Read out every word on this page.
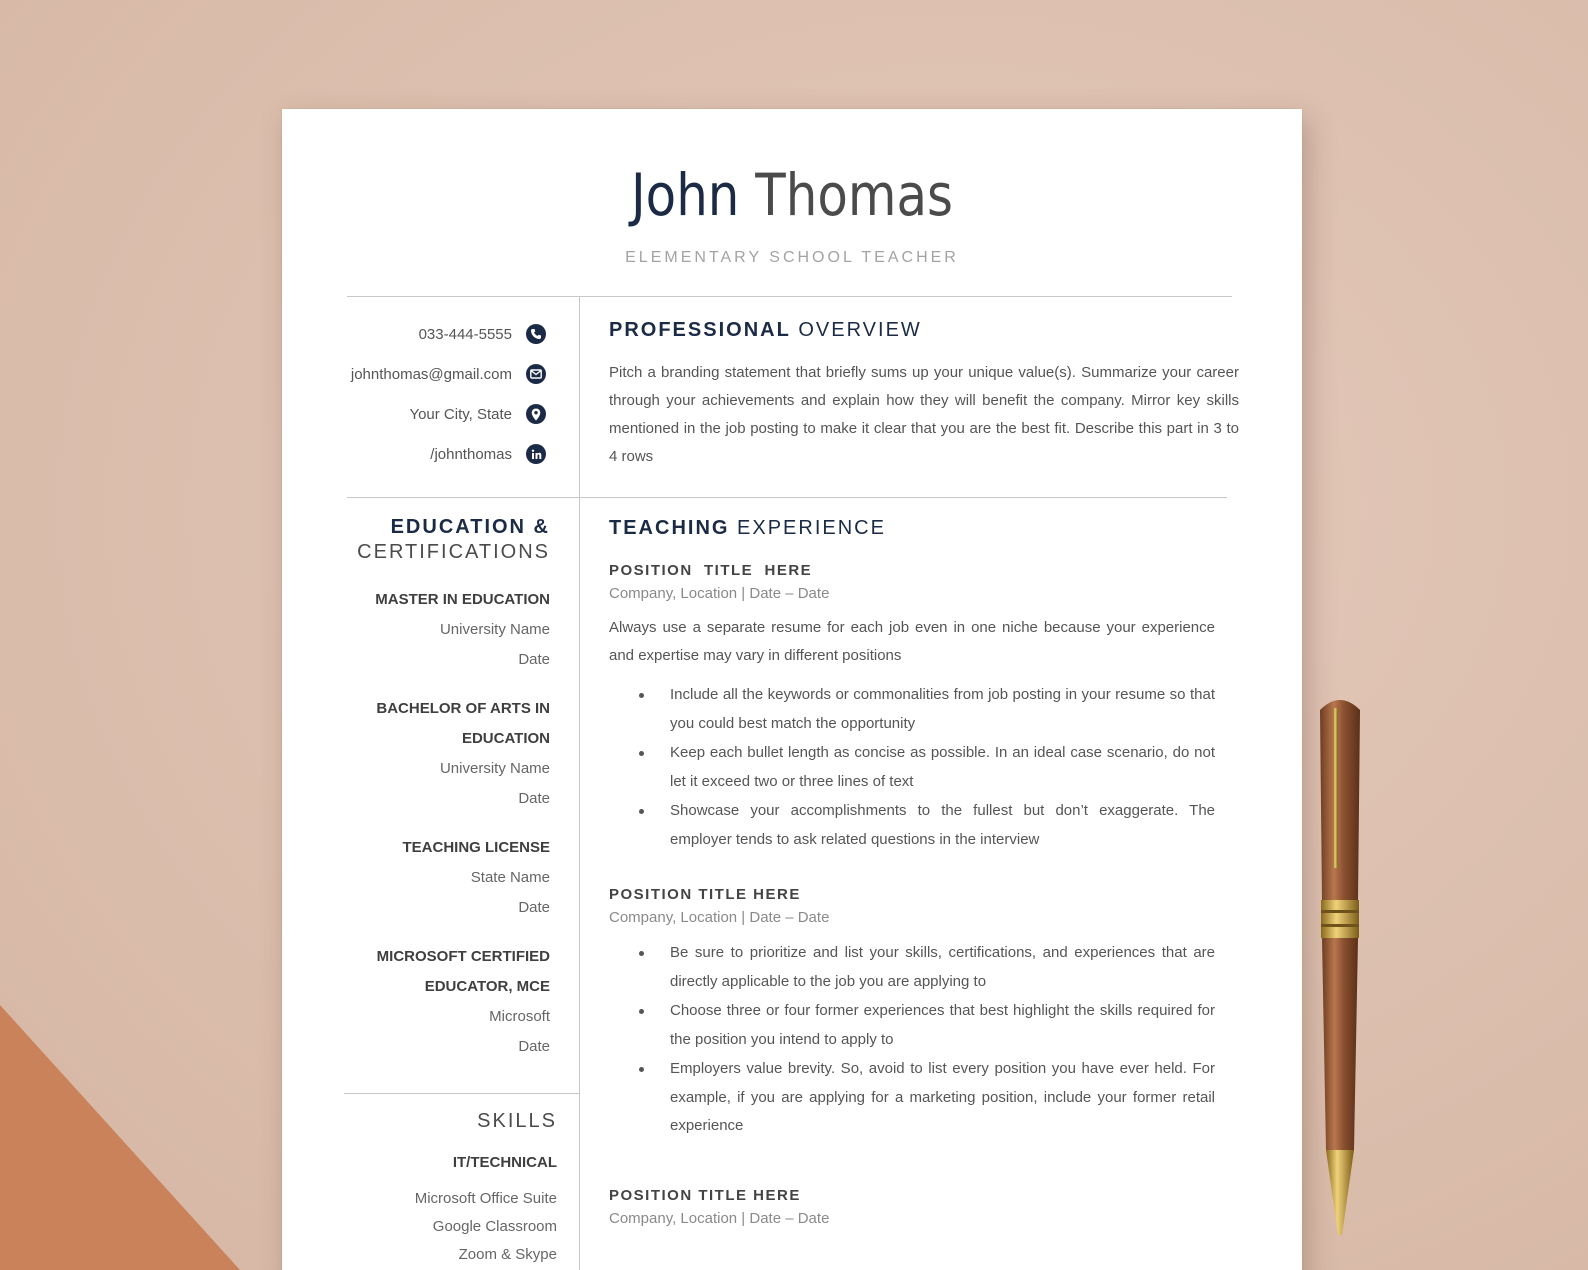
John Thomas
ELEMENTARY SCHOOL TEACHER
033-444-5555
johnthomas@gmail.com
Your City, State
/johnthomas
EDUCATION &
CERTIFICATIONS
MASTER IN EDUCATION
University Name
Date
BACHELOR OF ARTS IN
EDUCATION
University Name
Date
TEACHING LICENSE
State Name
Date
MICROSOFT CERTIFIED
EDUCATOR, MCE
Microsoft
Date
SKILLS
IT/TECHNICAL
Microsoft Office Suite
Google Classroom
Zoom & Skype
PROFESSIONAL OVERVIEW
Pitch a branding statement that briefly sums up your unique value(s). Summarize your career through your achievements and explain how they will benefit the company. Mirror key skills mentioned in the job posting to make it clear that you are the best fit. Describe this part in 3 to 4 rows
TEACHING EXPERIENCE
POSITION  TITLE  HERE
Company, Location | Date – Date
Always use a separate resume for each job even in one niche because your experience and expertise may vary in different positions
Include all the keywords or commonalities from job posting in your resume so that you could best match the opportunity
Keep each bullet length as concise as possible. In an ideal case scenario, do not let it exceed two or three lines of text
Showcase your accomplishments to the fullest but don’t exaggerate. The employer tends to ask related questions in the interview
POSITION TITLE HERE
Company, Location | Date – Date
Be sure to prioritize and list your skills, certifications, and experiences that are directly applicable to the job you are applying to
Choose three or four former experiences that best highlight the skills required for the position you intend to apply to
Employers value brevity. So, avoid to list every position you have ever held. For example, if you are applying for a marketing position, include your former retail experience
POSITION TITLE HERE
Company, Location | Date – Date
